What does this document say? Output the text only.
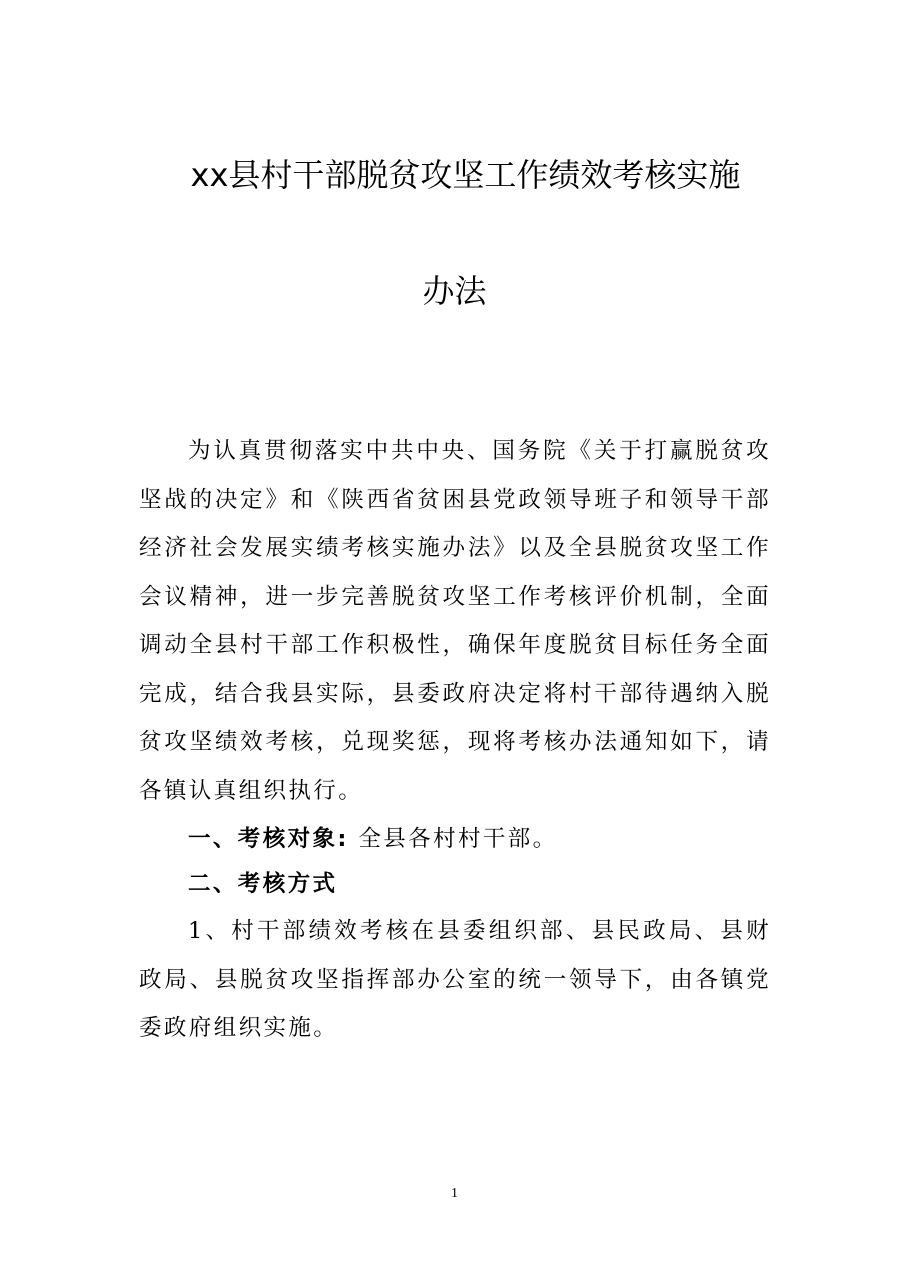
xx县村干部脱贫攻坚工作绩效考核实施
办法

为认真贯彻落实中共中央、国务院《关于打赢脱贫攻坚战的决定》和《陕西省贫困县党政领导班子和领导干部经济社会发展实绩考核实施办法》以及全县脱贫攻坚工作会议精神，进一步完善脱贫攻坚工作考核评价机制，全面调动全县村干部工作积极性，确保年度脱贫目标任务全面完成，结合我县实际，县委政府决定将村干部待遇纳入脱贫攻坚绩效考核，兑现奖惩，现将考核办法通知如下，请各镇认真组织执行。

一、考核对象: 全县各村村干部。

二、考核方式

1、村干部绩效考核在县委组织部、县民政局、县财政局、县脱贫攻坚指挥部办公室的统一领导下，由各镇党委政府组织实施。

1
